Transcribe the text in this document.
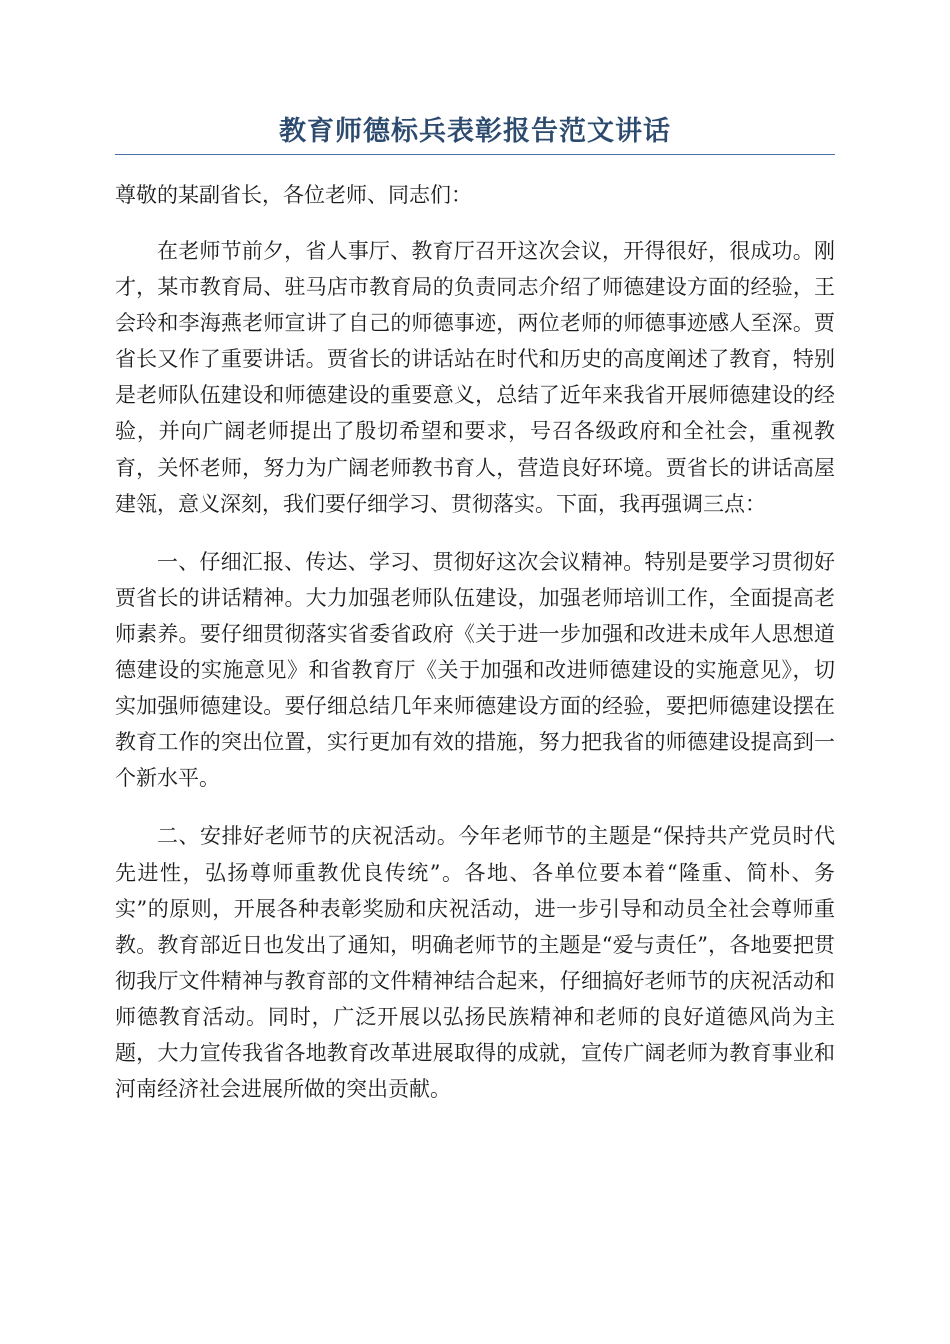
教育师德标兵表彰报告范文讲话

尊敬的某副省长，各位老师、同志们：

在老师节前夕，省人事厅、教育厅召开这次会议，开得很好，很成功。刚才，某市教育局、驻马店市教育局的负责同志介绍了师德建设方面的经验，王会玲和李海燕老师宣讲了自己的师德事迹，两位老师的师德事迹感人至深。贾省长又作了重要讲话。贾省长的讲话站在时代和历史的高度阐述了教育，特别是老师队伍建设和师德建设的重要意义，总结了近年来我省开展师德建设的经验，并向广阔老师提出了殷切希望和要求，号召各级政府和全社会，重视教育，关怀老师，努力为广阔老师教书育人，营造良好环境。贾省长的讲话高屋建瓴，意义深刻，我们要仔细学习、贯彻落实。下面，我再强调三点：

一、仔细汇报、传达、学习、贯彻好这次会议精神。特别是要学习贯彻好贾省长的讲话精神。大力加强老师队伍建设，加强老师培训工作，全面提高老师素养。要仔细贯彻落实省委省政府《关于进一步加强和改进未成年人思想道德建设的实施意见》和省教育厅《关于加强和改进师德建设的实施意见》，切实加强师德建设。要仔细总结几年来师德建设方面的经验，要把师德建设摆在教育工作的突出位置，实行更加有效的措施，努力把我省的师德建设提高到一个新水平。

二、安排好老师节的庆祝活动。今年老师节的主题是“保持共产党员时代先进性，弘扬尊师重教优良传统”。各地、各单位要本着“隆重、简朴、务实”的原则，开展各种表彰奖励和庆祝活动，进一步引导和动员全社会尊师重教。教育部近日也发出了通知，明确老师节的主题是“爱与责任”，各地要把贯彻我厅文件精神与教育部的文件精神结合起来，仔细搞好老师节的庆祝活动和师德教育活动。同时，广泛开展以弘扬民族精神和老师的良好道德风尚为主题，大力宣传我省各地教育改革进展取得的成就，宣传广阔老师为教育事业和河南经济社会进展所做的突出贡献。
